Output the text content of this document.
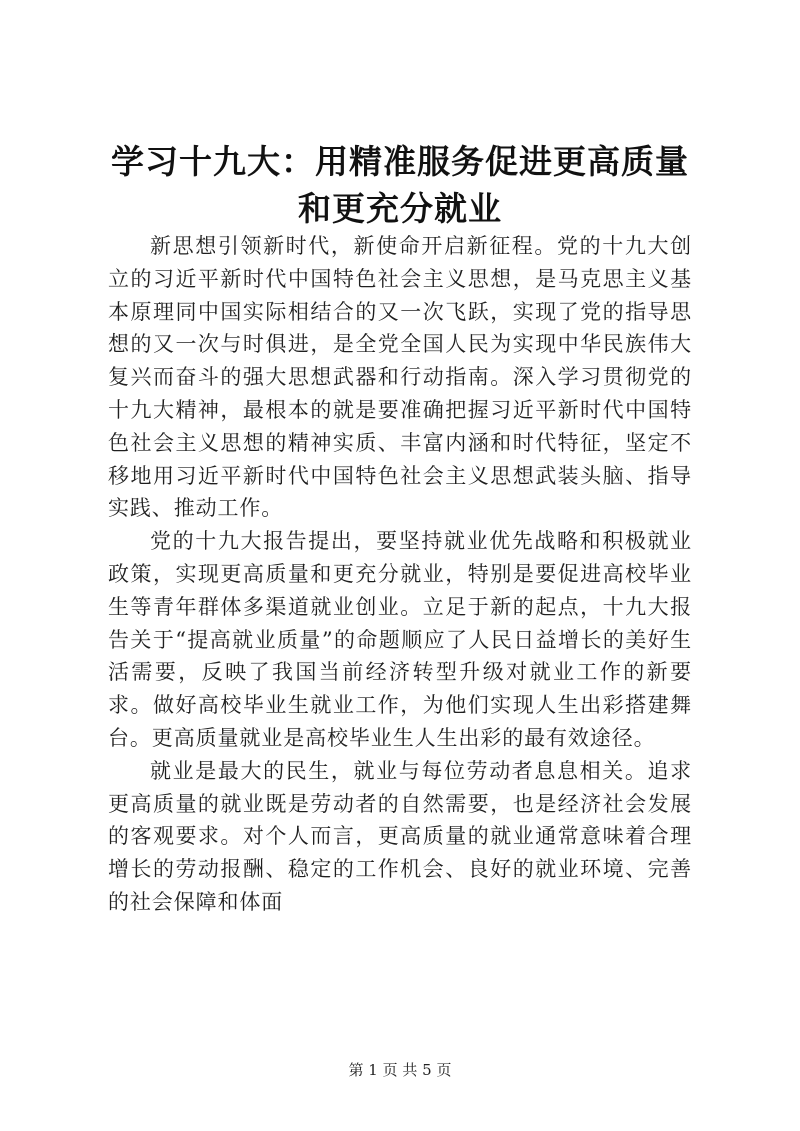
学习十九大：用精准服务促进更高质量和更充分就业

新思想引领新时代，新使命开启新征程。党的十九大创立的习近平新时代中国特色社会主义思想，是马克思主义基本原理同中国实际相结合的又一次飞跃，实现了党的指导思想的又一次与时俱进，是全党全国人民为实现中华民族伟大复兴而奋斗的强大思想武器和行动指南。深入学习贯彻党的十九大精神，最根本的就是要准确把握习近平新时代中国特色社会主义思想的精神实质、丰富内涵和时代特征，坚定不移地用习近平新时代中国特色社会主义思想武装头脑、指导实践、推动工作。

党的十九大报告提出，要坚持就业优先战略和积极就业政策，实现更高质量和更充分就业，特别是要促进高校毕业生等青年群体多渠道就业创业。立足于新的起点，十九大报告关于“提高就业质量”的命题顺应了人民日益增长的美好生活需要，反映了我国当前经济转型升级对就业工作的新要求。做好高校毕业生就业工作，为他们实现人生出彩搭建舞台。更高质量就业是高校毕业生人生出彩的最有效途径。

就业是最大的民生，就业与每位劳动者息息相关。追求更高质量的就业既是劳动者的自然需要，也是经济社会发展的客观要求。对个人而言，更高质量的就业通常意味着合理增长的劳动报酬、稳定的工作机会、良好的就业环境、完善的社会保障和体面

第 1 页 共 5 页
